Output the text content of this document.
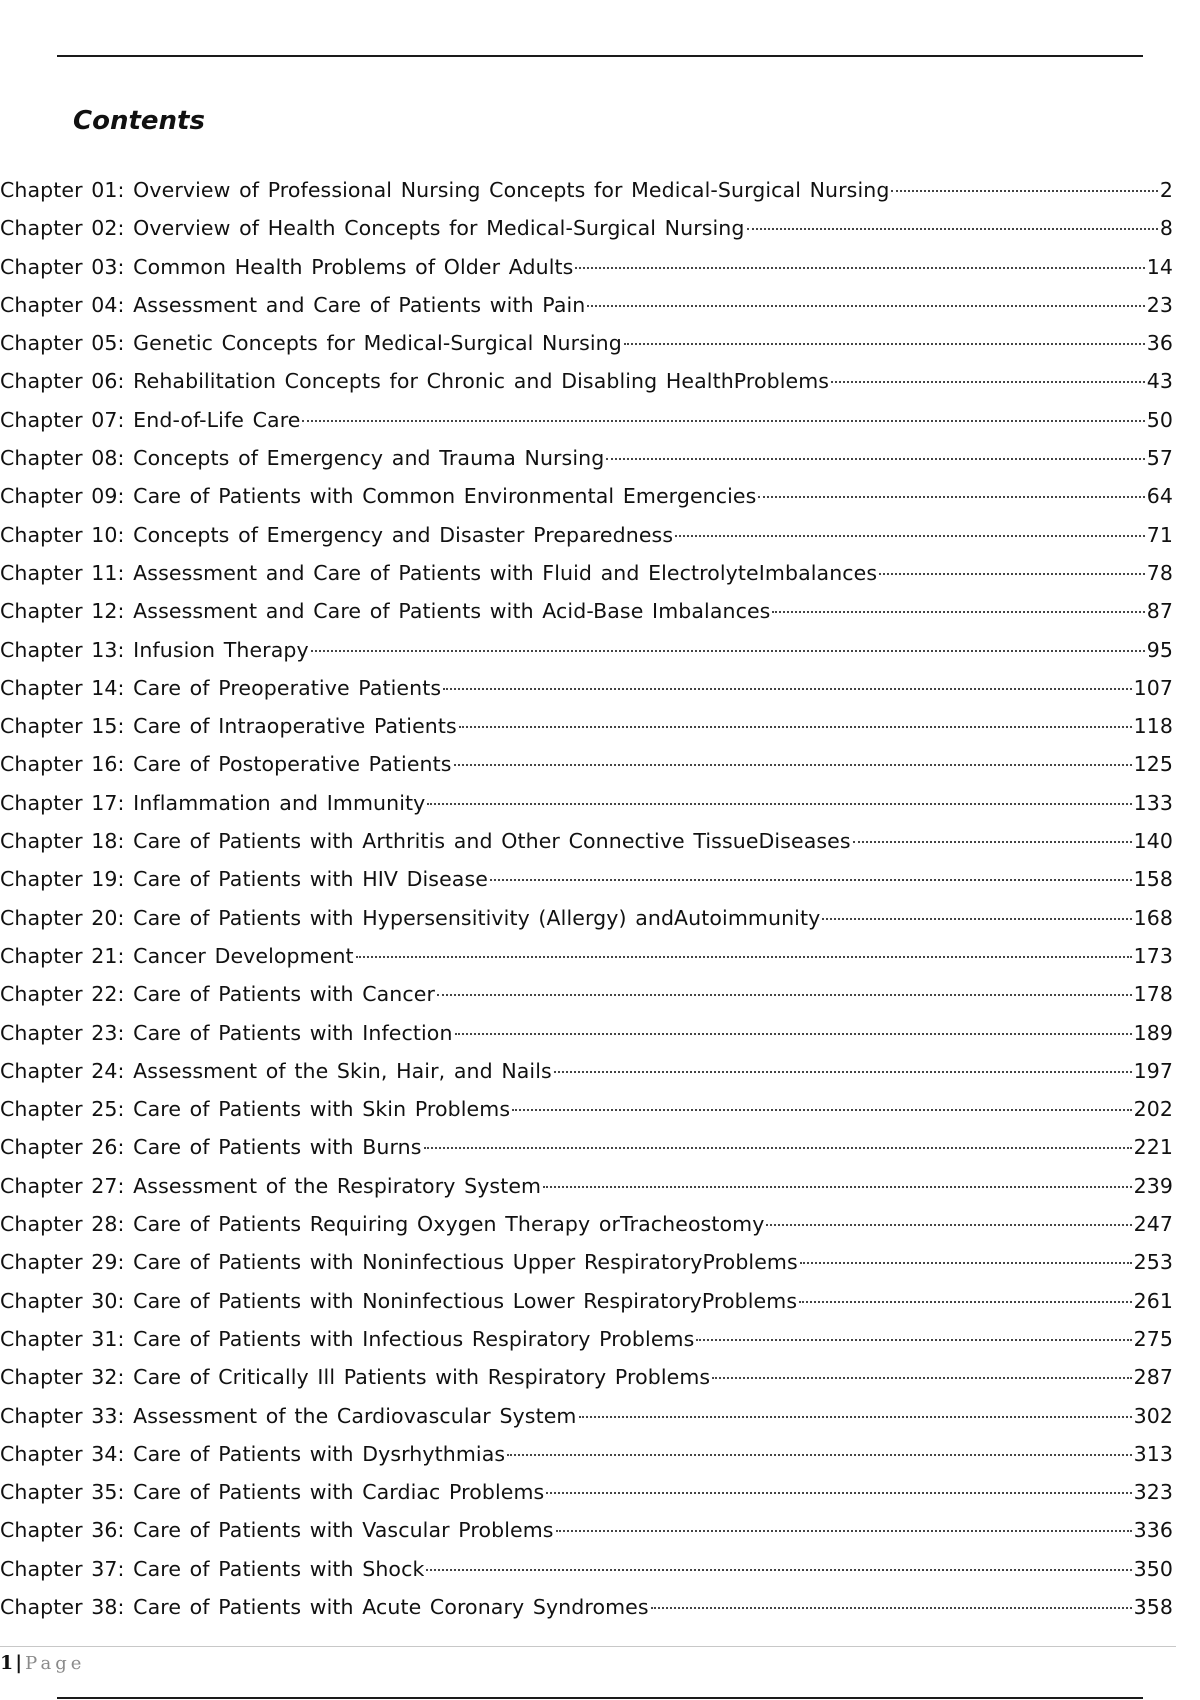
Contents
Chapter 01: Overview of Professional Nursing Concepts for Medical-Surgical Nursing	2
Chapter 02: Overview of Health Concepts for Medical-Surgical Nursing	8
Chapter 03: Common Health Problems of Older Adults	14
Chapter 04: Assessment and Care of Patients with Pain	23
Chapter 05: Genetic Concepts for Medical-Surgical Nursing	36
Chapter 06: Rehabilitation Concepts for Chronic and Disabling HealthProblems	43
Chapter 07: End-of-Life Care	50
Chapter 08: Concepts of Emergency and Trauma Nursing	57
Chapter 09: Care of Patients with Common Environmental Emergencies	64
Chapter 10: Concepts of Emergency and Disaster Preparedness	71
Chapter 11: Assessment and Care of Patients with Fluid and ElectrolyteImbalances	78
Chapter 12: Assessment and Care of Patients with Acid-Base Imbalances	87
Chapter 13: Infusion Therapy	95
Chapter 14: Care of Preoperative Patients	107
Chapter 15: Care of Intraoperative Patients	118
Chapter 16: Care of Postoperative Patients	125
Chapter 17: Inflammation and Immunity	133
Chapter 18: Care of Patients with Arthritis and Other Connective TissueDiseases	140
Chapter 19: Care of Patients with HIV Disease	158
Chapter 20: Care of Patients with Hypersensitivity (Allergy) andAutoimmunity	168
Chapter 21: Cancer Development	173
Chapter 22: Care of Patients with Cancer	178
Chapter 23: Care of Patients with Infection	189
Chapter 24: Assessment of the Skin, Hair, and Nails	197
Chapter 25: Care of Patients with Skin Problems	202
Chapter 26: Care of Patients with Burns	221
Chapter 27: Assessment of the Respiratory System	239
Chapter 28: Care of Patients Requiring Oxygen Therapy orTracheostomy	247
Chapter 29: Care of Patients with Noninfectious Upper RespiratoryProblems	253
Chapter 30: Care of Patients with Noninfectious Lower RespiratoryProblems	261
Chapter 31: Care of Patients with Infectious Respiratory Problems	275
Chapter 32: Care of Critically Ill Patients with Respiratory Problems	287
Chapter 33: Assessment of the Cardiovascular System	302
Chapter 34: Care of Patients with Dysrhythmias	313
Chapter 35: Care of Patients with Cardiac Problems	323
Chapter 36: Care of Patients with Vascular Problems	336
Chapter 37: Care of Patients with Shock	350
Chapter 38: Care of Patients with Acute Coronary Syndromes	358
1 | Page
